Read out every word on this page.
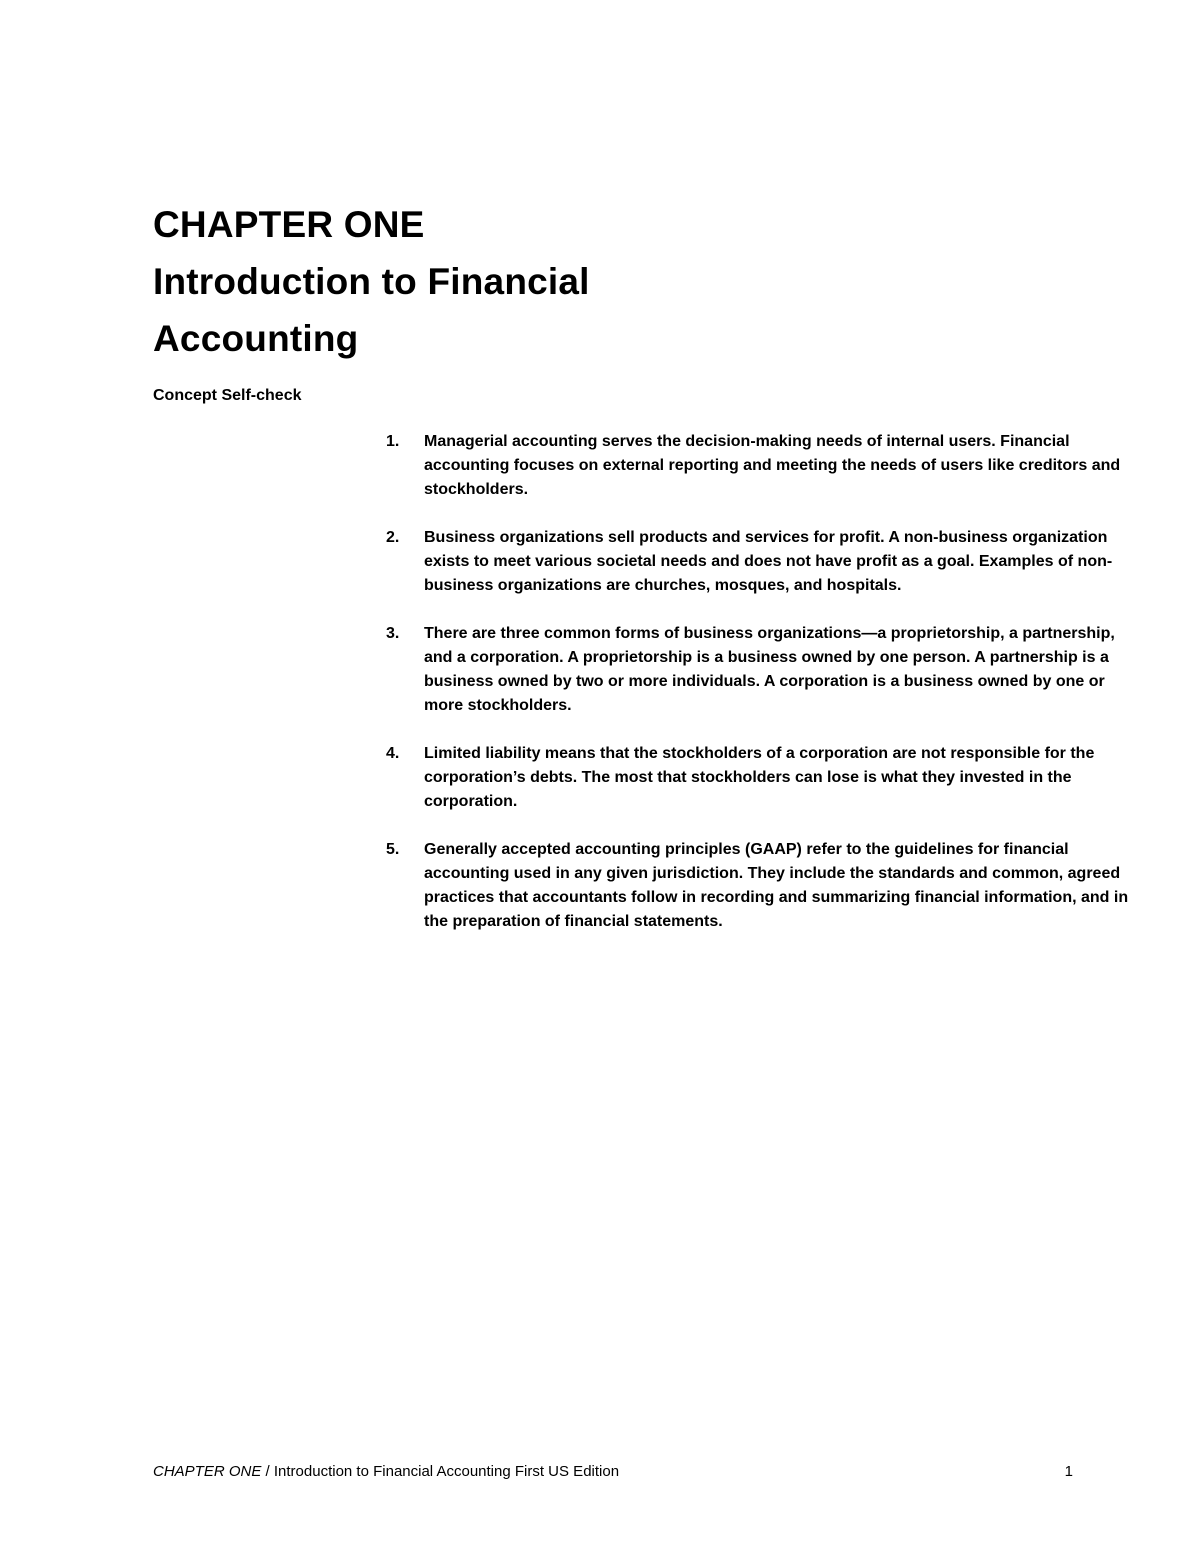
CHAPTER ONE
Introduction to Financial
Accounting
Concept Self-check
1. Managerial accounting serves the decision-making needs of internal users. Financial accounting focuses on external reporting and meeting the needs of users like creditors and stockholders.
2. Business organizations sell products and services for profit. A non-business organization exists to meet various societal needs and does not have profit as a goal. Examples of non-business organizations are churches, mosques, and hospitals.
3. There are three common forms of business organizations—a proprietorship, a partnership, and a corporation. A proprietorship is a business owned by one person. A partnership is a business owned by two or more individuals. A corporation is a business owned by one or more stockholders.
4. Limited liability means that the stockholders of a corporation are not responsible for the corporation’s debts. The most that stockholders can lose is what they invested in the corporation.
5. Generally accepted accounting principles (GAAP) refer to the guidelines for financial accounting used in any given jurisdiction. They include the standards and common, agreed practices that accountants follow in recording and summarizing financial information, and in the preparation of financial statements.
CHAPTER ONE / Introduction to Financial Accounting First US Edition	1
